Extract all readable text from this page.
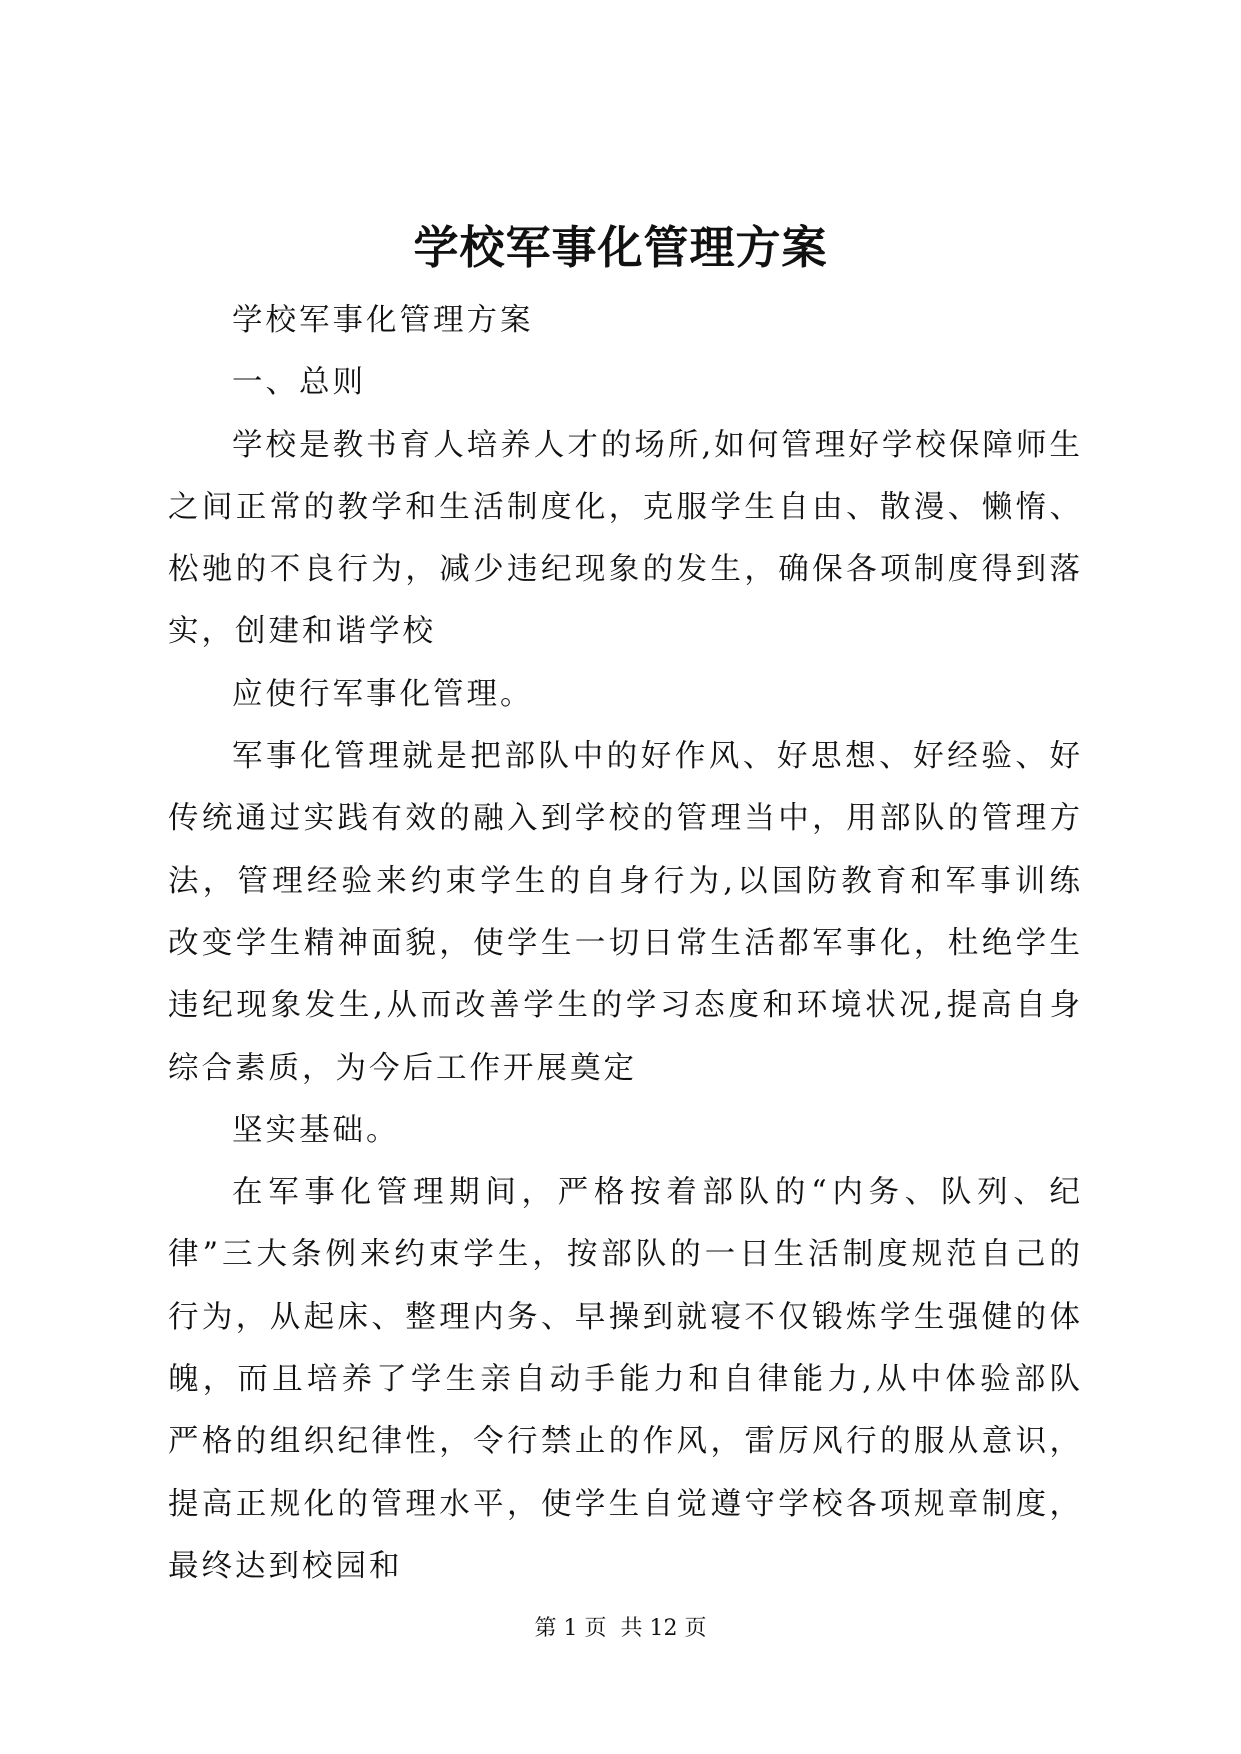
学校军事化管理方案

学校军事化管理方案

一、总则

学校是教书育人培养人才的场所,如何管理好学校保障师生之间正常的教学和生活制度化，克服学生自由、散漫、懒惰、松驰的不良行为，减少违纪现象的发生，确保各项制度得到落实，创建和谐学校

应使行军事化管理。

军事化管理就是把部队中的好作风、好思想、好经验、好传统通过实践有效的融入到学校的管理当中，用部队的管理方法，管理经验来约束学生的自身行为,以国防教育和军事训练改变学生精神面貌，使学生一切日常生活都军事化，杜绝学生违纪现象发生,从而改善学生的学习态度和环境状况,提高自身综合素质，为今后工作开展奠定

坚实基础。

在军事化管理期间，严格按着部队的“内务、队列、纪律”三大条例来约束学生，按部队的一日生活制度规范自己的行为，从起床、整理内务、早操到就寝不仅锻炼学生强健的体魄，而且培养了学生亲自动手能力和自律能力,从中体验部队严格的组织纪律性，令行禁止的作风，雷厉风行的服从意识，提高正规化的管理水平，使学生自觉遵守学校各项规章制度，最终达到校园和

第 1 页  共 12 页
